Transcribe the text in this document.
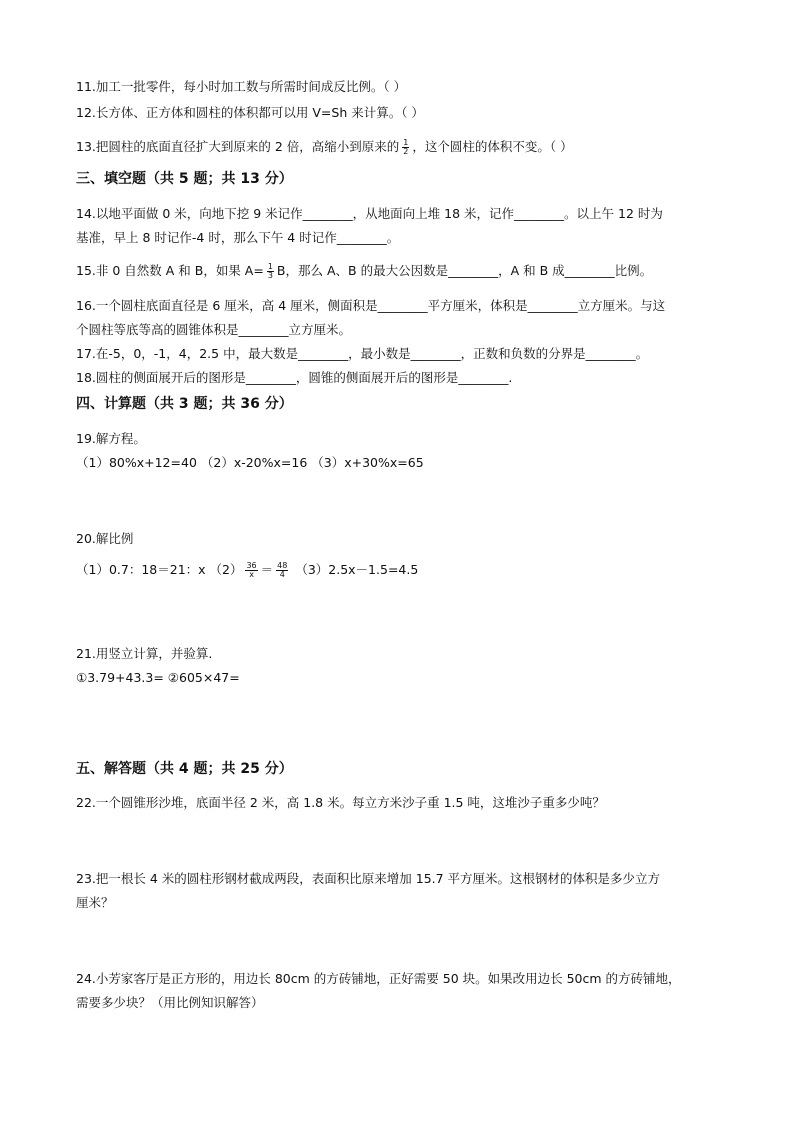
11.加工一批零件，每小时加工数与所需时间成反比例。（ ）
12.长方体、正方体和圆柱的体积都可以用 V=Sh 来计算。（ ）
13.把圆柱的底面直径扩大到原来的 2 倍，高缩小到原来的 $\frac{1}{2}$ ，这个圆柱的体积不变。（ ）
三、填空题（共 5 题；共 13 分）
14.以地平面做 0 米，向地下挖 9 米记作________，从地面向上堆 18 米，记作________。以上午 12 时为
基准，早上 8 时记作-4 时，那么下午 4 时记作________。
15.非 0 自然数 A 和 B，如果 $A= \frac{1}{3}$ B，那么 A、B 的最大公因数是________，A 和 B 成________比例。
16.一个圆柱底面直径是 6 厘米，高 4 厘米，侧面积是________平方厘米，体积是________立方厘米。与这
个圆柱等底等高的圆锥体积是________立方厘米。
17.在-5，0，-1，4，2.5 中，最大数是________，最小数是________，正数和负数的分界是________。
18.圆柱的侧面展开后的图形是________，圆锥的侧面展开后的图形是________.
四、计算题（共 3 题；共 36 分）
19.解方程。
（1）80%x+12=40 （2）x-20%x=16 （3）x+30%x=65
20.解比例
（1）0.7：18＝21：x $(2) \frac{36}{x} = \frac{48}{4} (3)2.5x-1.5=4.5$
21.用竖立计算，并验算.
①3.79+43.3= ②605×47=
五、解答题（共 4 题；共 25 分）
22.一个圆锥形沙堆，底面半径 2 米，高 1.8 米。每立方米沙子重 1.5 吨，这堆沙子重多少吨？
23.把一根长 4 米的圆柱形钢材截成两段，表面积比原来增加 15.7 平方厘米。这根钢材的体积是多少立方
厘米？
24.小芳家客厅是正方形的，用边长 80cm 的方砖铺地，正好需要 50 块。如果改用边长 50cm 的方砖铺地，
需要多少块？（用比例知识解答）
